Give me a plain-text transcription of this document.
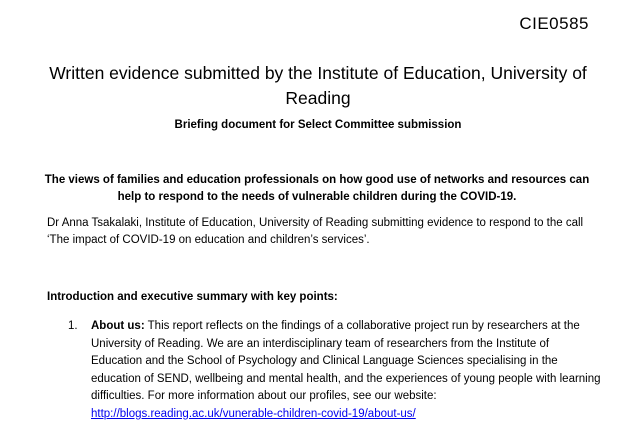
CIE0585
Written evidence submitted by the Institute of Education, University of Reading
Briefing document for Select Committee submission
The views of families and education professionals on how good use of networks and resources can help to respond to the needs of vulnerable children during the COVID-19.
Dr Anna Tsakalaki, Institute of Education, University of Reading submitting evidence to respond to the call ‘The impact of COVID-19 on education and children’s services’.
Introduction and executive summary with key points:
1. About us: This report reflects on the findings of a collaborative project run by researchers at the University of Reading. We are an interdisciplinary team of researchers from the Institute of Education and the School of Psychology and Clinical Language Sciences specialising in the education of SEND, wellbeing and mental health, and the experiences of young people with learning difficulties. For more information about our profiles, see our website:
http://blogs.reading.ac.uk/vunerable-children-covid-19/about-us/
